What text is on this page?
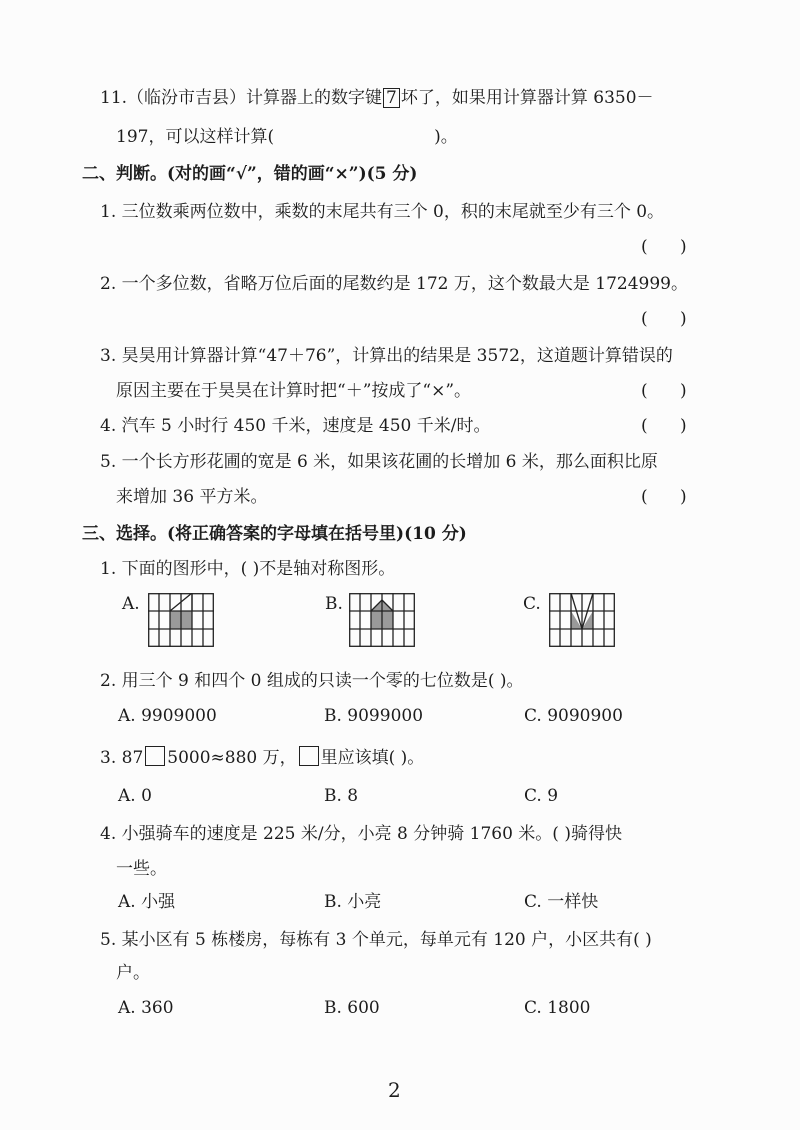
11.（临汾市吉县）计算器上的数字键 7 坏了，如果用计算器计算 6350－
197，可以这样计算(	)。
二、判断。(对的画“√”，错的画“×”)(5 分)
1. 三位数乘两位数中，乘数的末尾共有三个 0，积的末尾就至少有三个 0。
(      )
2. 一个多位数，省略万位后面的尾数约是 172 万，这个数最大是 1724999。
(      )
3. 昊昊用计算器计算“47＋76”，计算出的结果是 3572，这道题计算错误的
原因主要在于昊昊在计算时把“＋”按成了“×”。	(      )
4. 汽车 5 小时行 450 千米，速度是 450 千米/时。	(      )
5. 一个长方形花圃的宽是 6 米，如果该花圃的长增加 6 米，那么面积比原
来增加 36 平方米。	(      )
三、选择。(将正确答案的字母填在括号里)(10 分)
1. 下面的图形中，( )不是轴对称图形。
A.	B.	C.
2. 用三个 9 和四个 0 组成的只读一个零的七位数是( )。
A. 9909000	B. 9099000	C. 9090900
3. 87 5000≈880 万， 里应该填( )。
A. 0	B. 8	C. 9
4. 小强骑车的速度是 225 米/分，小亮 8 分钟骑 1760 米。( )骑得快
一些。
A. 小强	B. 小亮	C. 一样快
5. 某小区有 5 栋楼房，每栋有 3 个单元，每单元有 120 户，小区共有( )
户。
A. 360	B. 600	C. 1800
2
